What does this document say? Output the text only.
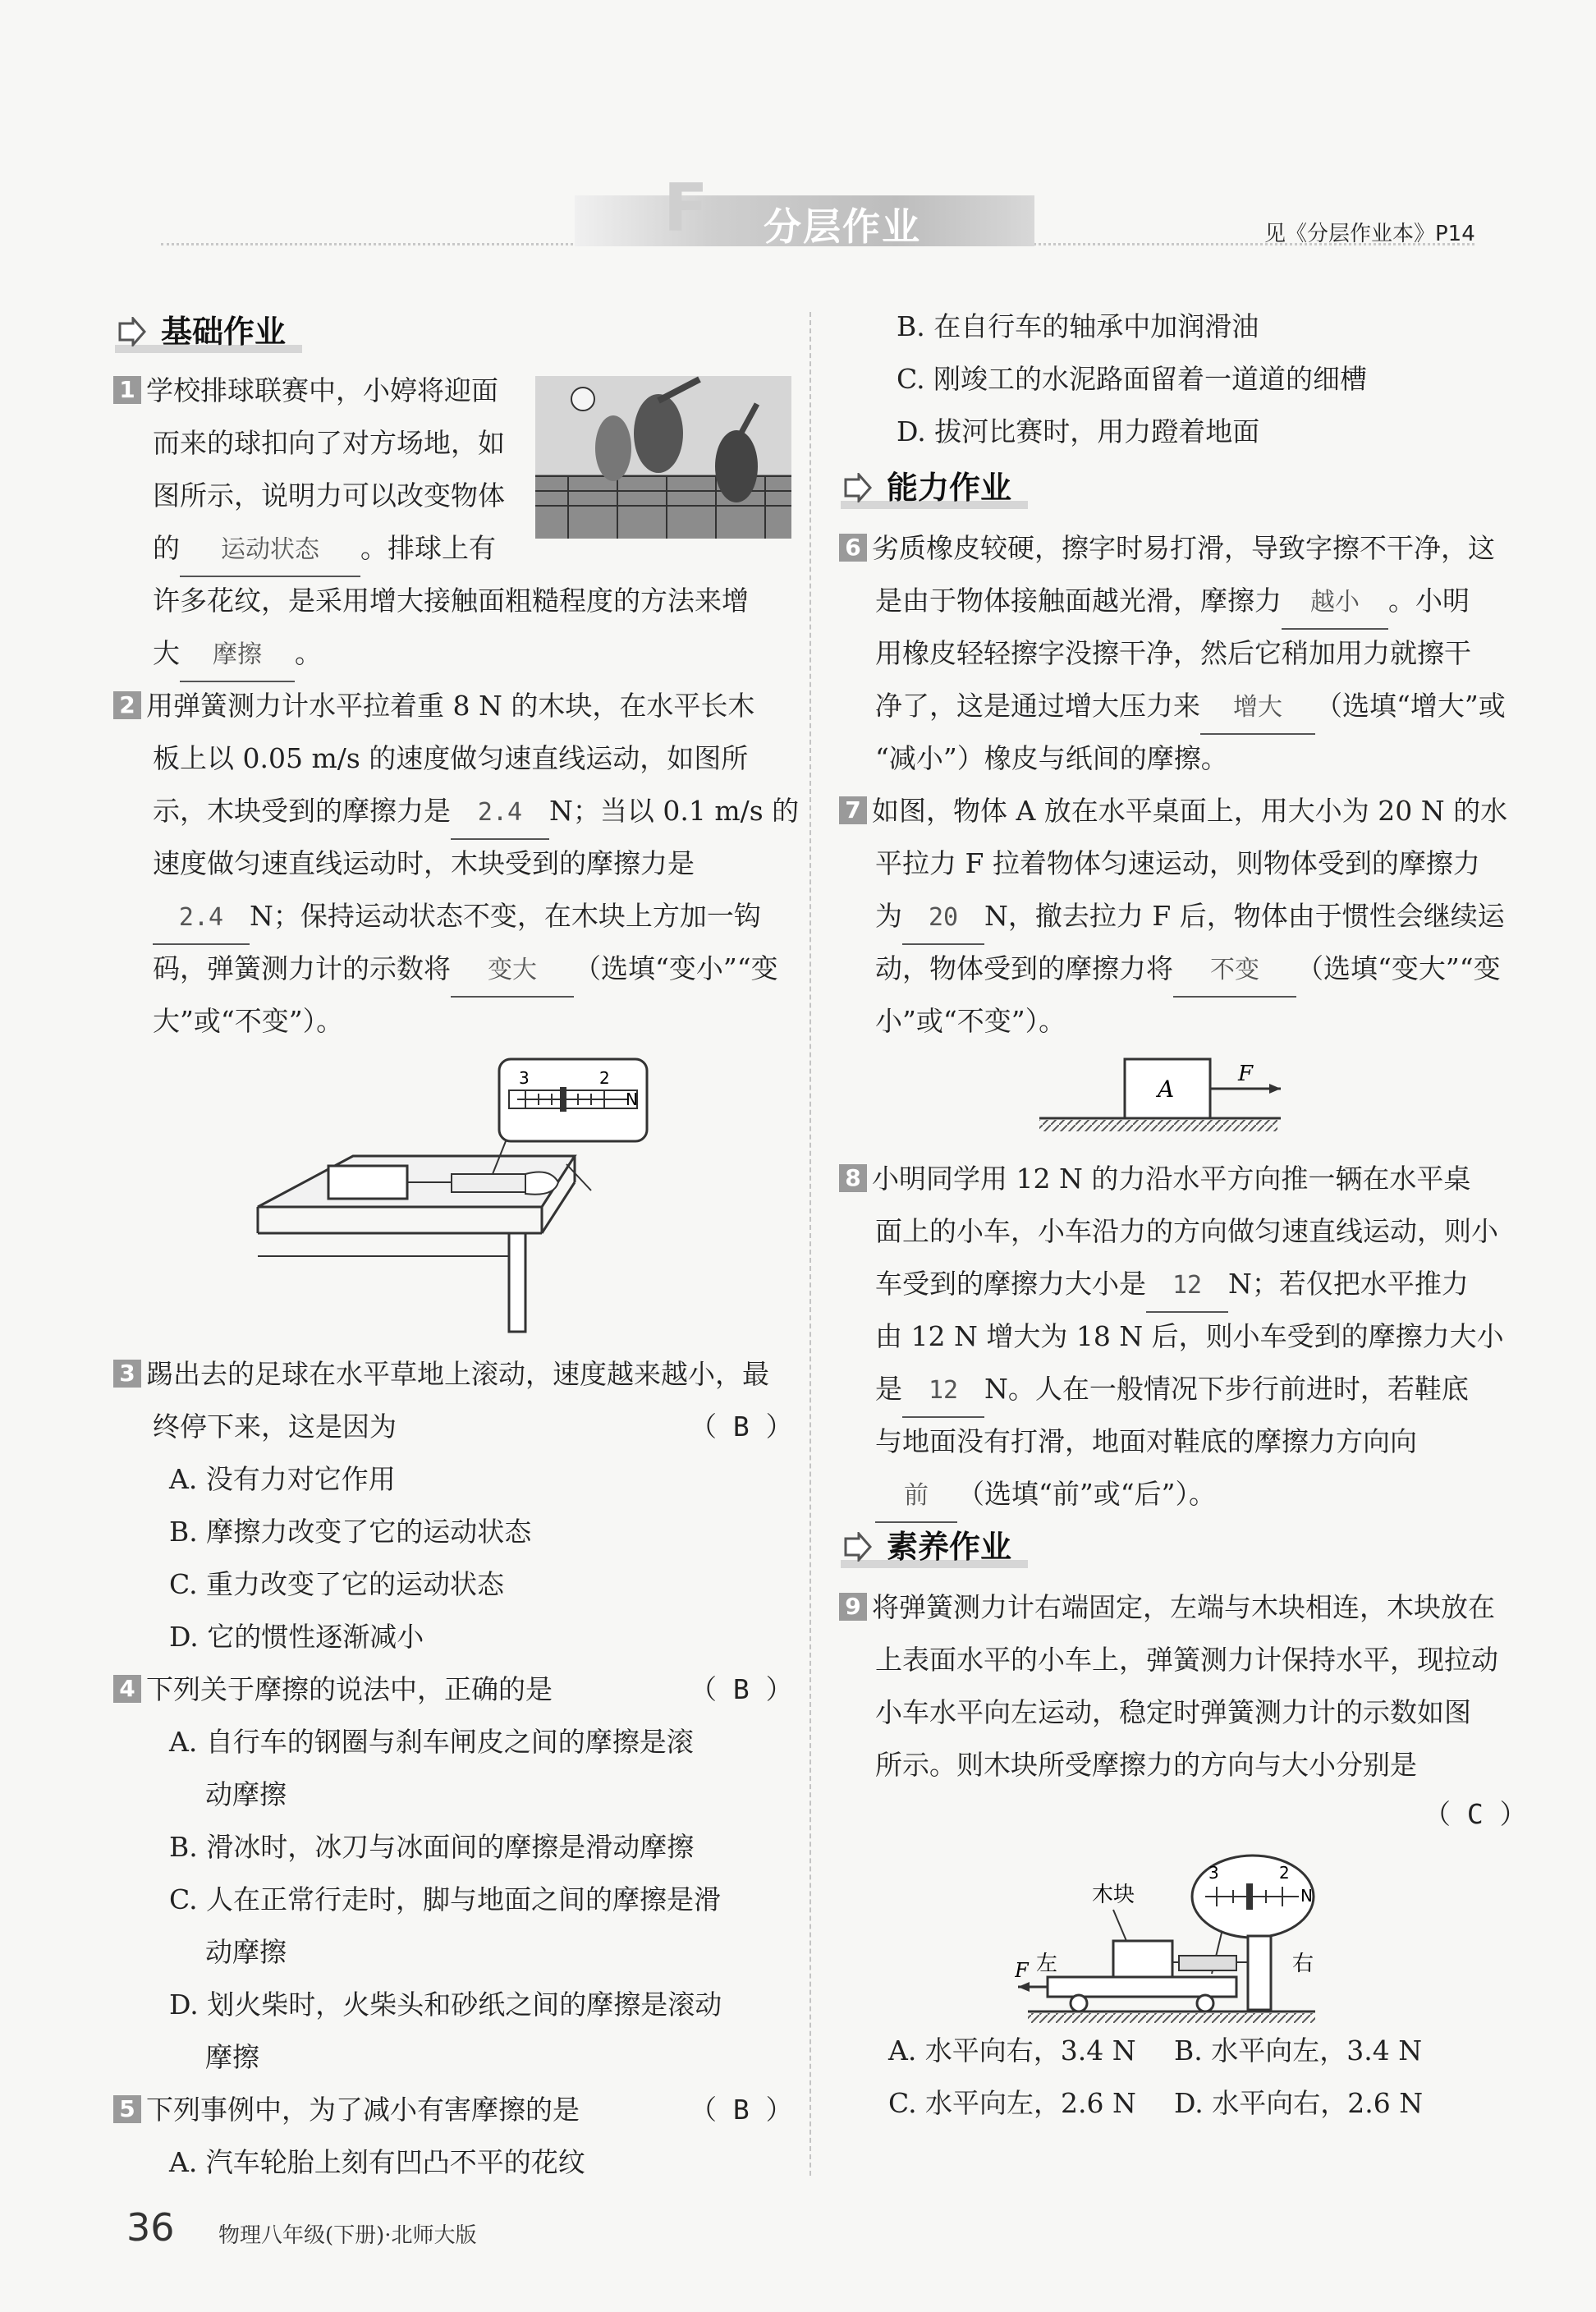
F 分层作业	见《分层作业本》P14
基础作业
1 学校排球联赛中，小婷将迎面
而来的球扣向了对方场地，如
图所示，说明力可以改变物体
的 运动状态 。排球上有
许多花纹，是采用增大接触面粗糙程度的方法来增
大 摩擦 。
2 用弹簧测力计水平拉着重 8 N 的木块，在水平长木
板上以 0.05 m/s 的速度做匀速直线运动，如图所
示，木块受到的摩擦力是 2.4 N；当以 0.1 m/s 的
速度做匀速直线运动时，木块受到的摩擦力是
2.4 N；保持运动状态不变，在木块上方加一钩
码，弹簧测力计的示数将 变大 （选填“变小”“变
大”或“不变”）。
3	2
N
3 踢出去的足球在水平草地上滚动，速度越来越小，最
终停下来，这是因为	（ B ）
A. 没有力对它作用
B. 摩擦力改变了它的运动状态
C. 重力改变了它的运动状态
D. 它的惯性逐渐减小
4 下列关于摩擦的说法中，正确的是	（ B ）
A. 自行车的钢圈与刹车闸皮之间的摩擦是滚
动摩擦
B. 滑冰时，冰刀与冰面间的摩擦是滑动摩擦
C. 人在正常行走时，脚与地面之间的摩擦是滑
动摩擦
D. 划火柴时，火柴头和砂纸之间的摩擦是滚动
摩擦
5 下列事例中，为了减小有害摩擦的是	（ B ）
A. 汽车轮胎上刻有凹凸不平的花纹
B. 在自行车的轴承中加润滑油
C. 刚竣工的水泥路面留着一道道的细槽
D. 拔河比赛时，用力蹬着地面
能力作业
6 劣质橡皮较硬，擦字时易打滑，导致字擦不干净，这
是由于物体接触面越光滑，摩擦力 越小 。小明
用橡皮轻轻擦字没擦干净，然后它稍加用力就擦干
净了，这是通过增大压力来 增大 （选填“增大”或
“减小”）橡皮与纸间的摩擦。
7 如图，物体 A 放在水平桌面上，用大小为 20 N 的水
平拉力 F 拉着物体匀速运动，则物体受到的摩擦力
为 20 N，撤去拉力 F 后，物体由于惯性会继续运
动，物体受到的摩擦力将 不变 （选填“变大”“变
小”或“不变”）。
A
F
8 小明同学用 12 N 的力沿水平方向推一辆在水平桌
面上的小车，小车沿力的方向做匀速直线运动，则小
车受到的摩擦力大小是 12 N；若仅把水平推力
由 12 N 增大为 18 N 后，则小车受到的摩擦力大小
是 12 N。人在一般情况下步行前进时，若鞋底
与地面没有打滑，地面对鞋底的摩擦力方向向
前 （选填“前”或“后”）。
素养作业
9 将弹簧测力计右端固定，左端与木块相连，木块放在
上表面水平的小车上，弹簧测力计保持水平，现拉动
小车水平向左运动，稳定时弹簧测力计的示数如图
所示。则木块所受摩擦力的方向与大小分别是
（ C ）
3	2
N
木块
F 左	右
A. 水平向右，3.4 N B. 水平向左，3.4 N
C. 水平向左，2.6 N D. 水平向右，2.6 N
36 物理八年级(下册)·北师大版
